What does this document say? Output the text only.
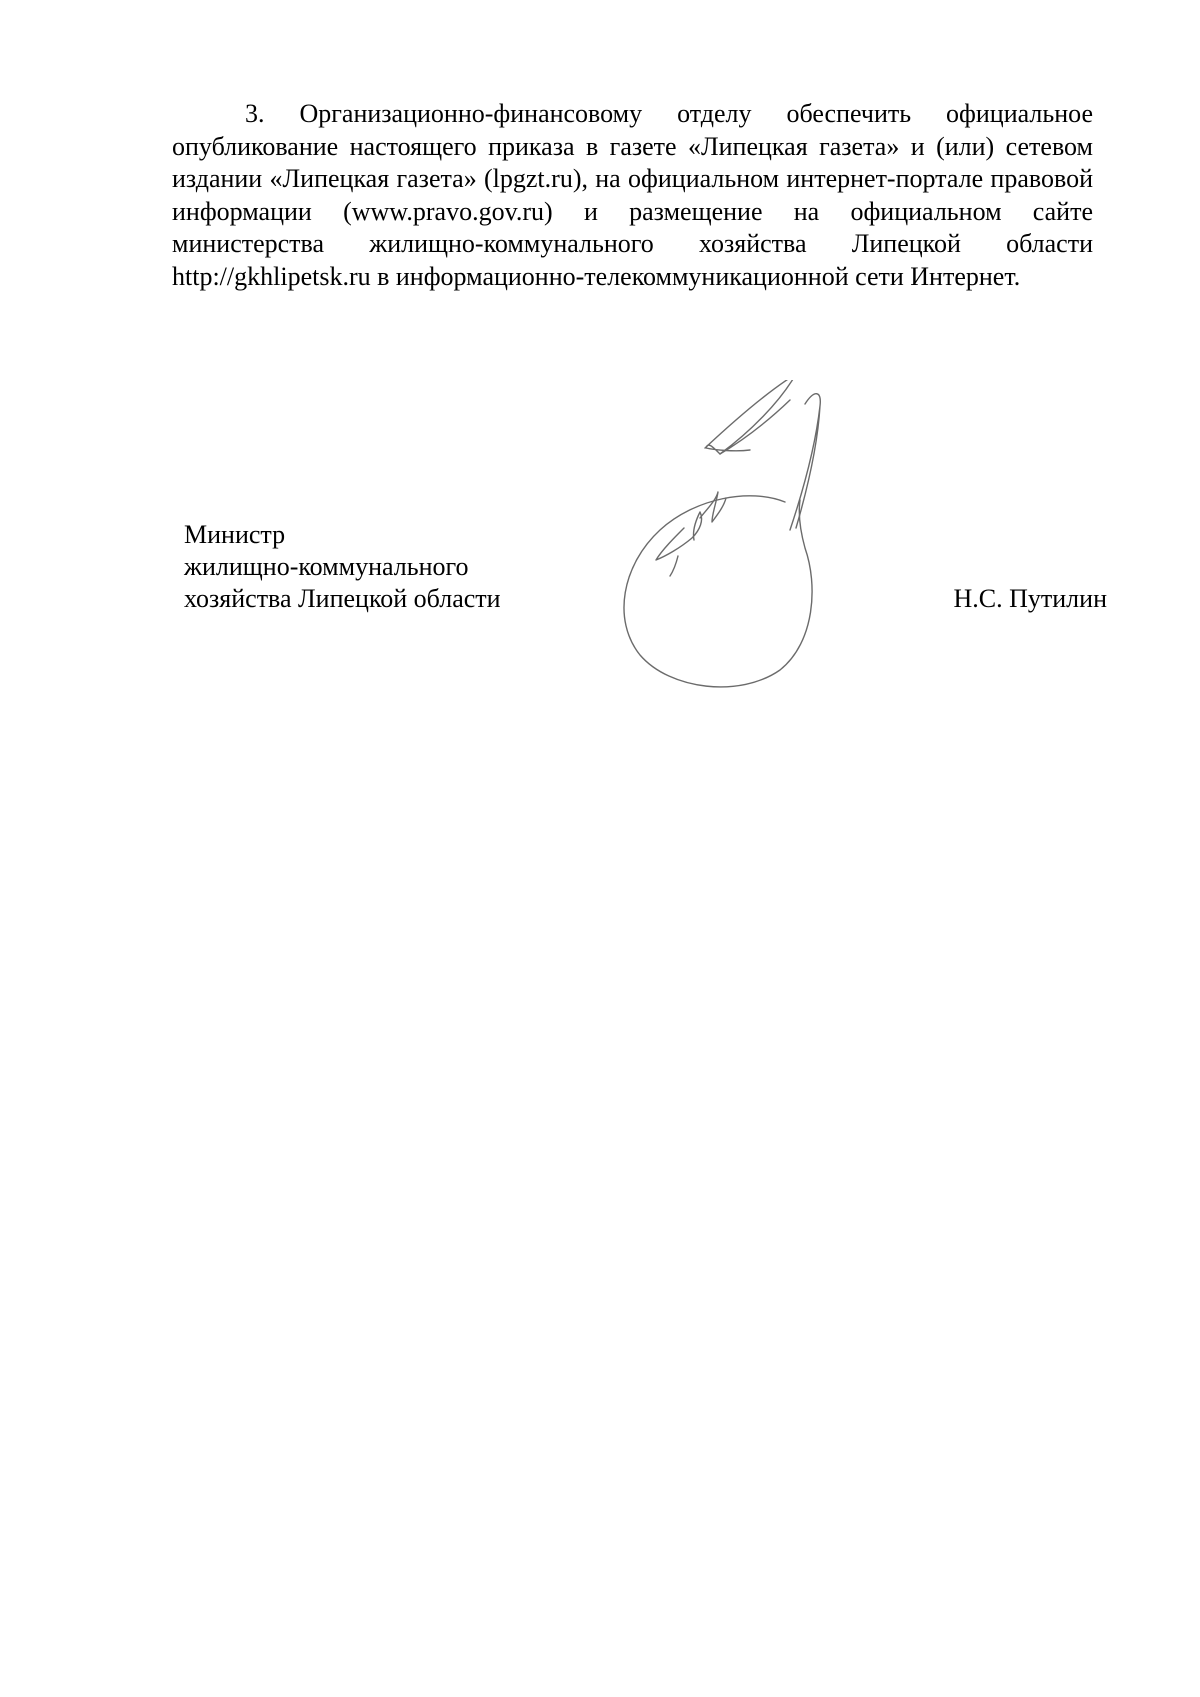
3. Организационно-финансовому отделу обеспечить официальное опубликование настоящего приказа в газете «Липецкая газета» и (или) сетевом издании «Липецкая газета» (lpgzt.ru), на официальном интернет-портале правовой информации (www.pravo.gov.ru) и размещение на официальном сайте министерства жилищно-коммунального хозяйства Липецкой области http://gkhlipetsk.ru в информационно-телекоммуникационной сети Интернет.

Министр
жилищно-коммунального
хозяйства Липецкой области	Н.С. Путилин
